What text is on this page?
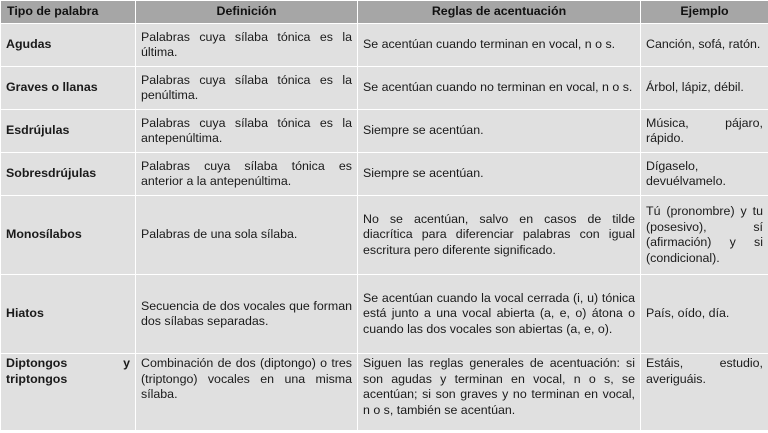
Tipo de palabra	Definición	Reglas de acentuación	Ejemplo
Agudas	Palabras cuya sílaba tónica es la última.	Se acentúan cuando terminan en vocal, n o s.	Canción, sofá, ratón.
Graves o llanas	Palabras cuya sílaba tónica es la penúltima.	Se acentúan cuando no terminan en vocal, n o s.	Árbol, lápiz, débil.
Esdrújulas	Palabras cuya sílaba tónica es la antepenúltima.	Siempre se acentúan.	Música, pájaro, rápido.
Sobresdrújulas	Palabras cuya sílaba tónica es anterior a la antepenúltima.	Siempre se acentúan.	Dígaselo, devuélvamelo.
Monosílabos	Palabras de una sola sílaba.	No se acentúan, salvo en casos de tilde diacrítica para diferenciar palabras con igual escritura pero diferente significado.	Tú (pronombre) y tu (posesivo), sí (afirmación) y si (condicional).
Hiatos	Secuencia de dos vocales que forman dos sílabas separadas.	Se acentúan cuando la vocal cerrada (i, u) tónica está junto a una vocal abierta (a, e, o) átona o cuando las dos vocales son abiertas (a, e, o).	País, oído, día.
Diptongos y triptongos	Combinación de dos (diptongo) o tres (triptongo) vocales en una misma sílaba.	Siguen las reglas generales de acentuación: si son agudas y terminan en vocal, n o s, se acentúan; si son graves y no terminan en vocal, n o s, también se acentúan.	Estáis, estudio, averiguáis.
